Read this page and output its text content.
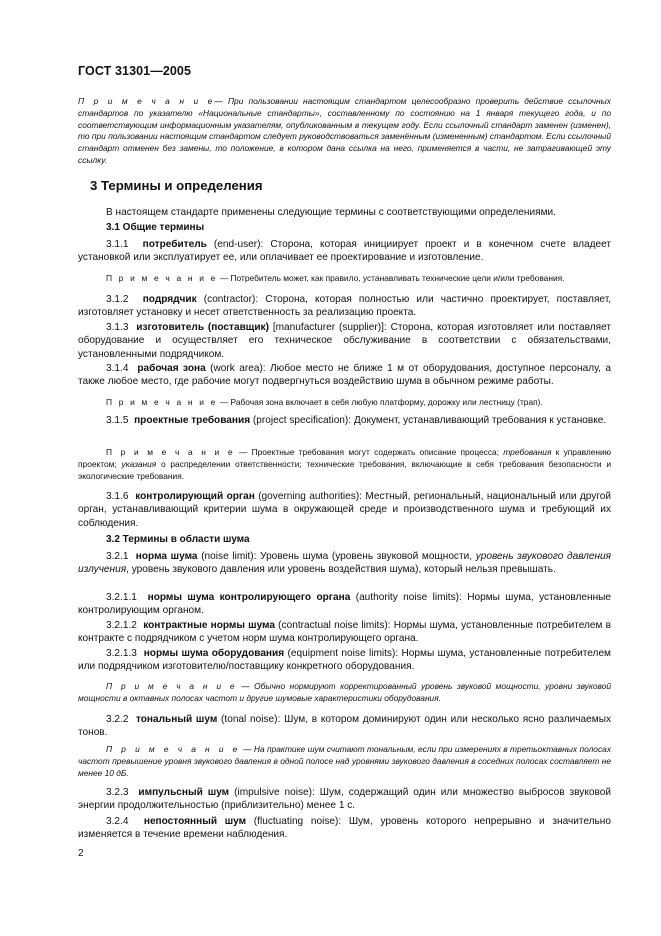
ГОСТ 31301—2005
П р и м е ч а н и е— При пользовании настоящим стандартом целесообразно проверить действие ссылочных стандартов по указателю «Национальные стандарты», составленному по состоянию на 1 января текущего года, и по соответствующим информационным указателям, опубликованным в текущем году. Если ссылочный стандарт заменен (изменен), то при пользовании настоящим стандартом следует руководствоваться заменённым (измененным) стандартом. Если ссылочный стандарт отменен без замены, то положение, в котором дана ссылка на него, применяется в части, не затрагивающей эту ссылку.
3 Термины и определения
В настоящем стандарте применены следующие термины с соответствующими определениями.
3.1 Общие термины
3.1.1 потребитель (end-user): Сторона, которая инициирует проект и в конечном счете владеет установкой или эксплуатирует ее, или оплачивает ее проектирование и изготовление.
П р и м е ч а н и е — Потребитель может, как правило, устанавливать технические цели и/или требования.
3.1.2 подрядчик (contractor): Сторона, которая полностью или частично проектирует, поставляет, изготовляет установку и несет ответственность за реализацию проекта.
3.1.3 изготовитель (поставщик) [manufacturer (supplier)]: Сторона, которая изготовляет или поставляет оборудование и осуществляет его техническое обслуживание в соответствии с обязательствами, установленными подрядчиком.
3.1.4 рабочая зона (work area): Любое место не ближе 1 м от оборудования, доступное персоналу, а также любое место, где рабочие могут подвергнуться воздействию шума в обычном режиме работы.
П р и м е ч а н и е — Рабочая зона включает в себя любую платформу, дорожку или лестницу (трап).
3.1.5 проектные требования (project specification): Документ, устанавливающий требования к установке.
П р и м е ч а н и е — Проектные требования могут содержать описание процесса; требования к управлению проектом; указания о распределении ответственности; технические требования, включающие в себя требования безопасности и экологические требования.
3.1.6 контролирующий орган (governing authorities): Местный, региональный, национальный или другой орган, устанавливающий критерии шума в окружающей среде и производственного шума и требующий их соблюдения.
3.2 Термины в области шума
3.2.1 норма шума (noise limit): Уровень шума (уровень звуковой мощности, уровень звукового давления излучения, уровень звукового давления или уровень воздействия шума), который нельзя превышать.
3.2.1.1 нормы шума контролирующего органа (authority noise limits): Нормы шума, установленные контролирующим органом.
3.2.1.2 контрактные нормы шума (contractual noise limits): Нормы шума, установленные потребителем в контракте с подрядчиком с учетом норм шума контролирующего органа.
3.2.1.3 нормы шума оборудования (equipment noise limits): Нормы шума, установленные потребителем или подрядчиком изготовителю/поставщику конкретного оборудования.
П р и м е ч а н и е — Обычно нормируют корректированный уровень звуковой мощности, уровни звуковой мощности в октавных полосах частот и другие шумовые характеристики оборудования.
3.2.2 тональный шум (tonal noise): Шум, в котором доминируют один или несколько ясно различаемых тонов.
П р и м е ч а н и е — На практике шум считают тональным, если при измерениях в третьоктавных полосах частот превышение уровня звукового давления в одной полосе над уровнями звукового давления в соседних полосах составляет не менее 10 дБ.
3.2.3 импульсный шум (impulsive noise): Шум, содержащий один или множество выбросов звуковой энергии продолжительностью (приблизительно) менее 1 с.
3.2.4 непостоянный шум (fluctuating noise): Шум, уровень которого непрерывно и значительно изменяется в течение времени наблюдения.
2
